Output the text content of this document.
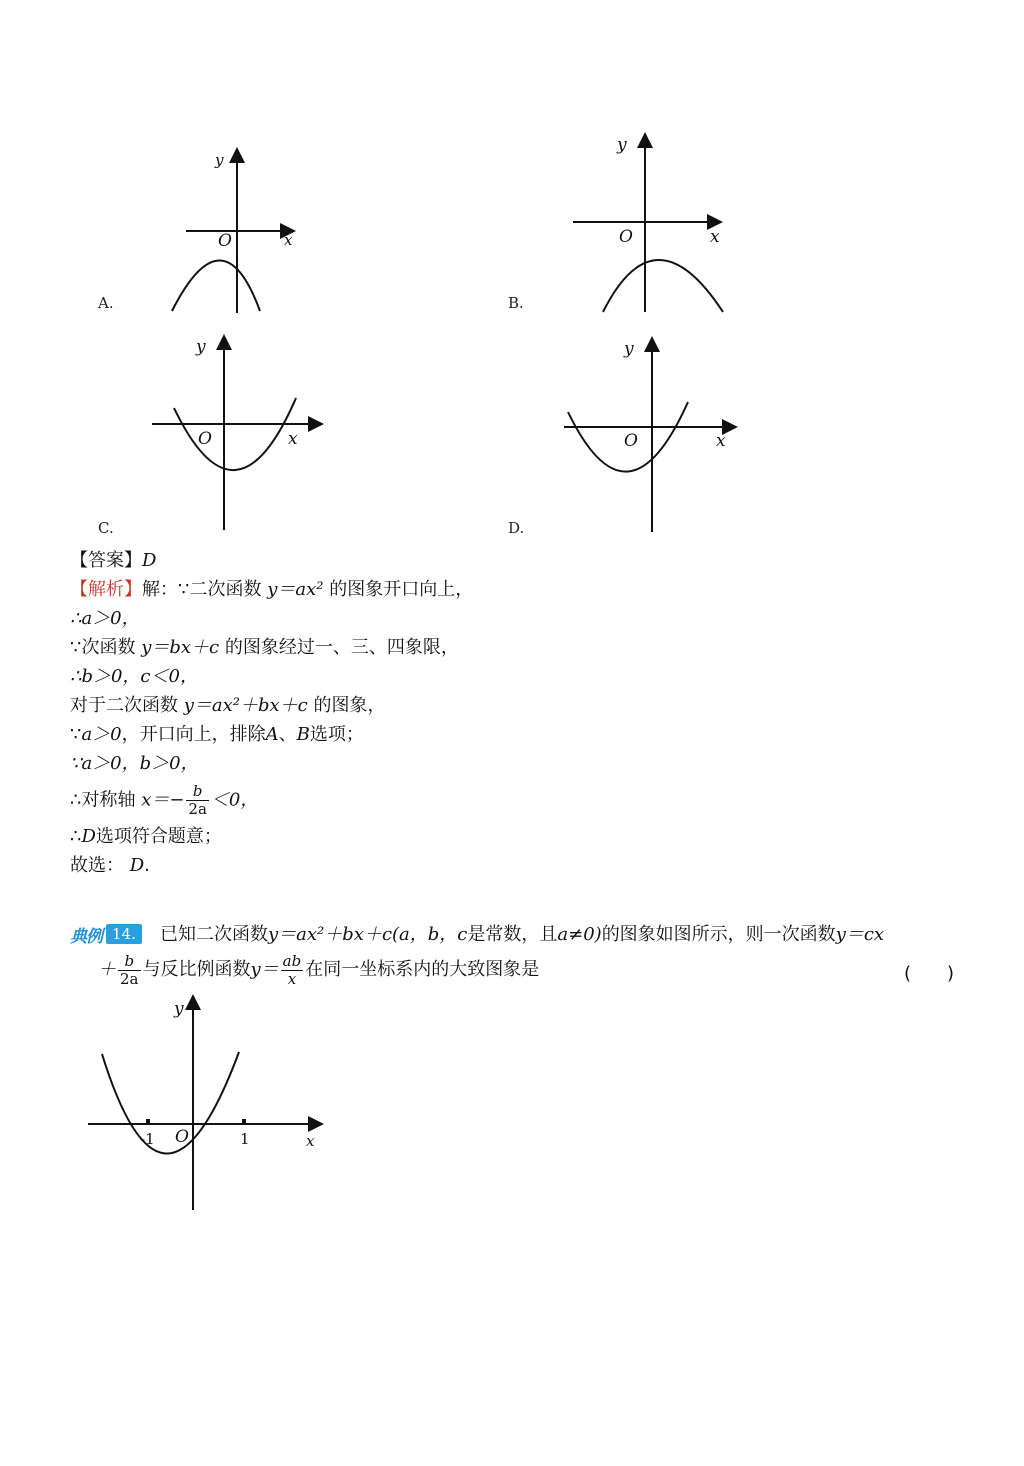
y
x
O
A.
y
x
O
B.
y
x
O
C.
y
x
O
D.
【答案】D
【解析】解：∵二次函数 y＝ax² 的图象开口向上，
∴a＞0，
∵次函数 y＝bx＋c 的图象经过一、三、四象限，
∴b＞0，c＜0，
对于二次函数 y＝ax²＋bx＋c 的图象，
∵a＞0，开口向上，排除A、B选项；
∵a＞0，b＞0，
∴对称轴 $x=- \frac{b}{2a} <0$，
∴D选项符合题意；
故选： D.
典例 14.	已知二次函数y＝ax²＋bx＋c(a，b，c是常数，且a≠0)的图象如图所示，则一次函数y＝cx
＋ $\frac{b}{2a}$ 与反比例函数$y= \frac{ab}{x}$ 在同一坐标系内的大致图象是	(　　)
y
x
O
-1	1
